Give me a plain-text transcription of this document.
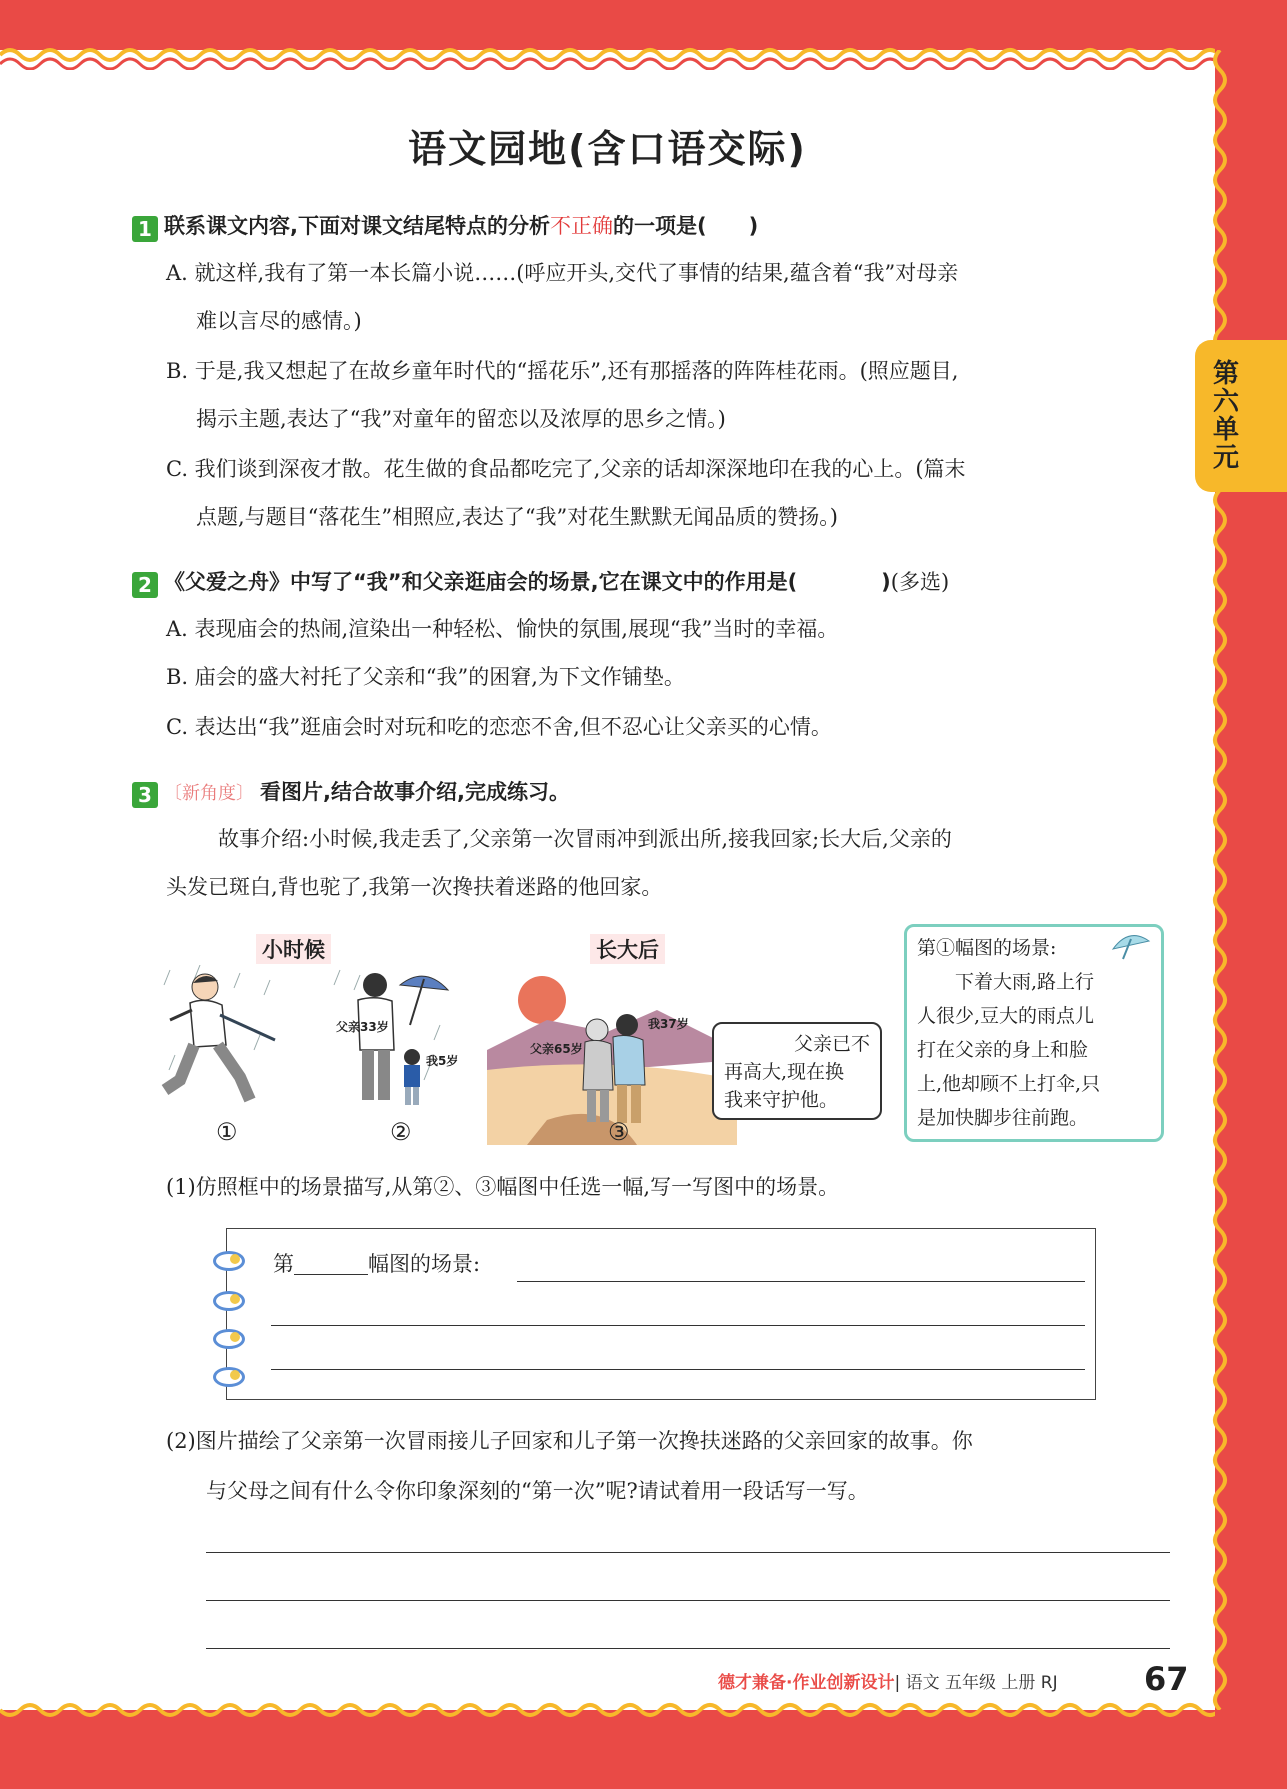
第六单元
语文园地(含口语交际)
1 联系课文内容,下面对课文结尾特点的分析不正确的一项是(　　)
A. 就这样,我有了第一本长篇小说……(呼应开头,交代了事情的结果,蕴含着“我”对母亲
难以言尽的感情。)
B. 于是,我又想起了在故乡童年时代的“摇花乐”,还有那摇落的阵阵桂花雨。(照应题目,
揭示主题,表达了“我”对童年的留恋以及浓厚的思乡之情。)
C. 我们谈到深夜才散。花生做的食品都吃完了,父亲的话却深深地印在我的心上。(篇末
点题,与题目“落花生”相照应,表达了“我”对花生默默无闻品质的赞扬。)
2 《父爱之舟》中写了“我”和父亲逛庙会的场景,它在课文中的作用是(　　　　)(多选)
A. 表现庙会的热闹,渲染出一种轻松、愉快的氛围,展现“我”当时的幸福。
B. 庙会的盛大衬托了父亲和“我”的困窘,为下文作铺垫。
C. 表达出“我”逛庙会时对玩和吃的恋恋不舍,但不忍心让父亲买的心情。
3 〔新角度〕 看图片,结合故事介绍,完成练习。
故事介绍:小时候,我走丢了,父亲第一次冒雨冲到派出所,接我回家;长大后,父亲的
头发已斑白,背也驼了,我第一次搀扶着迷路的他回家。
小时候	长大后
①
父亲33岁
我5岁
②
父亲65岁
我37岁
③
父亲已不
再高大,现在换
我来守护他。
第①幅图的场景:
　　下着大雨,路上行
人很少,豆大的雨点儿
打在父亲的身上和脸
上,他却顾不上打伞,只
是加快脚步往前跑。
(1)仿照框中的场景描写,从第②、③幅图中任选一幅,写一写图中的场景。
第	幅图的场景:
(2)图片描绘了父亲第一次冒雨接儿子回家和儿子第一次搀扶迷路的父亲回家的故事。你
与父母之间有什么令你印象深刻的“第一次”呢?请试着用一段话写一写。
德才兼备·作业创新设计| 语文 五年级 上册 RJ	67
